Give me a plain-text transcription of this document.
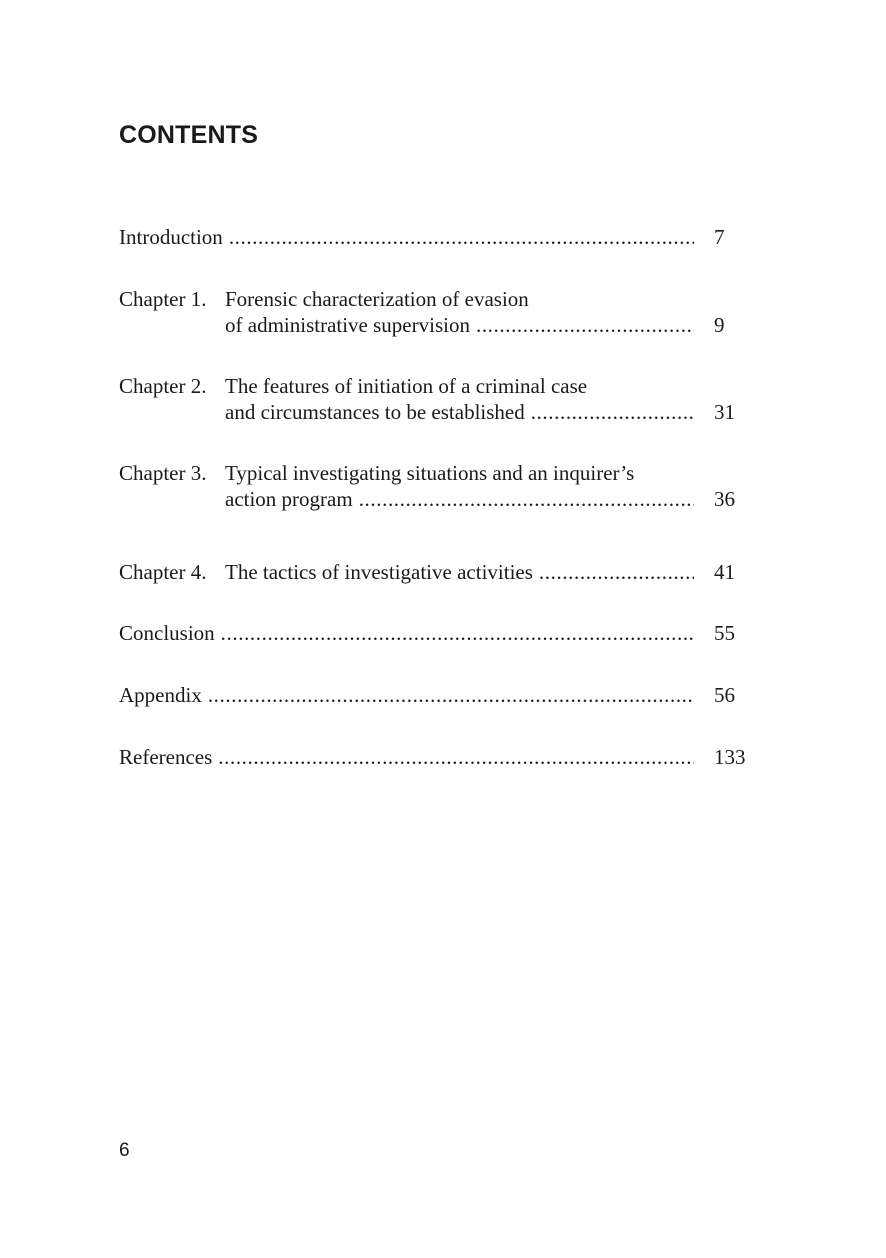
CONTENTS
Introduction .....	7
Chapter 1. Forensic characterization of evasion
of administrative supervision .....	9
Chapter 2. The features of initiation of a criminal case
and circumstances to be established .....	31
Chapter 3. Typical investigating situations and an inquirer’s
action program .....	36
Chapter 4. The tactics of investigative activities .....	41
Conclusion .....	55
Appendix .....	56
References .....	133
6
